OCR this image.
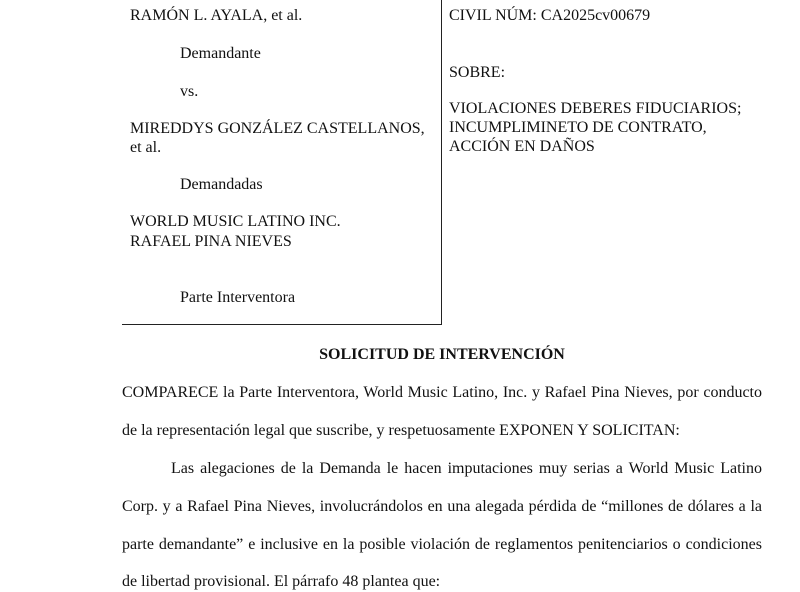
RAMÓN L. AYALA, et al.
Demandante
vs.
MIREDDYS GONZÁLEZ CASTELLANOS,
et al.
Demandadas
WORLD MUSIC LATINO INC.
RAFAEL PINA NIEVES
Parte Interventora
CIVIL NÚM: CA2025cv00679
SOBRE:
VIOLACIONES DEBERES FIDUCIARIOS;
INCUMPLIMINETO DE CONTRATO,
ACCIÓN EN DAÑOS
SOLICITUD DE INTERVENCIÓN
COMPARECE la Parte Interventora, World Music Latino, Inc. y Rafael Pina Nieves, por conducto
de la representación legal que suscribe, y respetuosamente EXPONEN Y SOLICITAN:
Las alegaciones de la Demanda le hacen imputaciones muy serias a World Music Latino
Corp. y a Rafael Pina Nieves, involucrándolos en una alegada pérdida de “millones de dólares a la
parte demandante” e inclusive en la posible violación de reglamentos penitenciarios o condiciones
de libertad provisional. El párrafo 48 plantea que:
